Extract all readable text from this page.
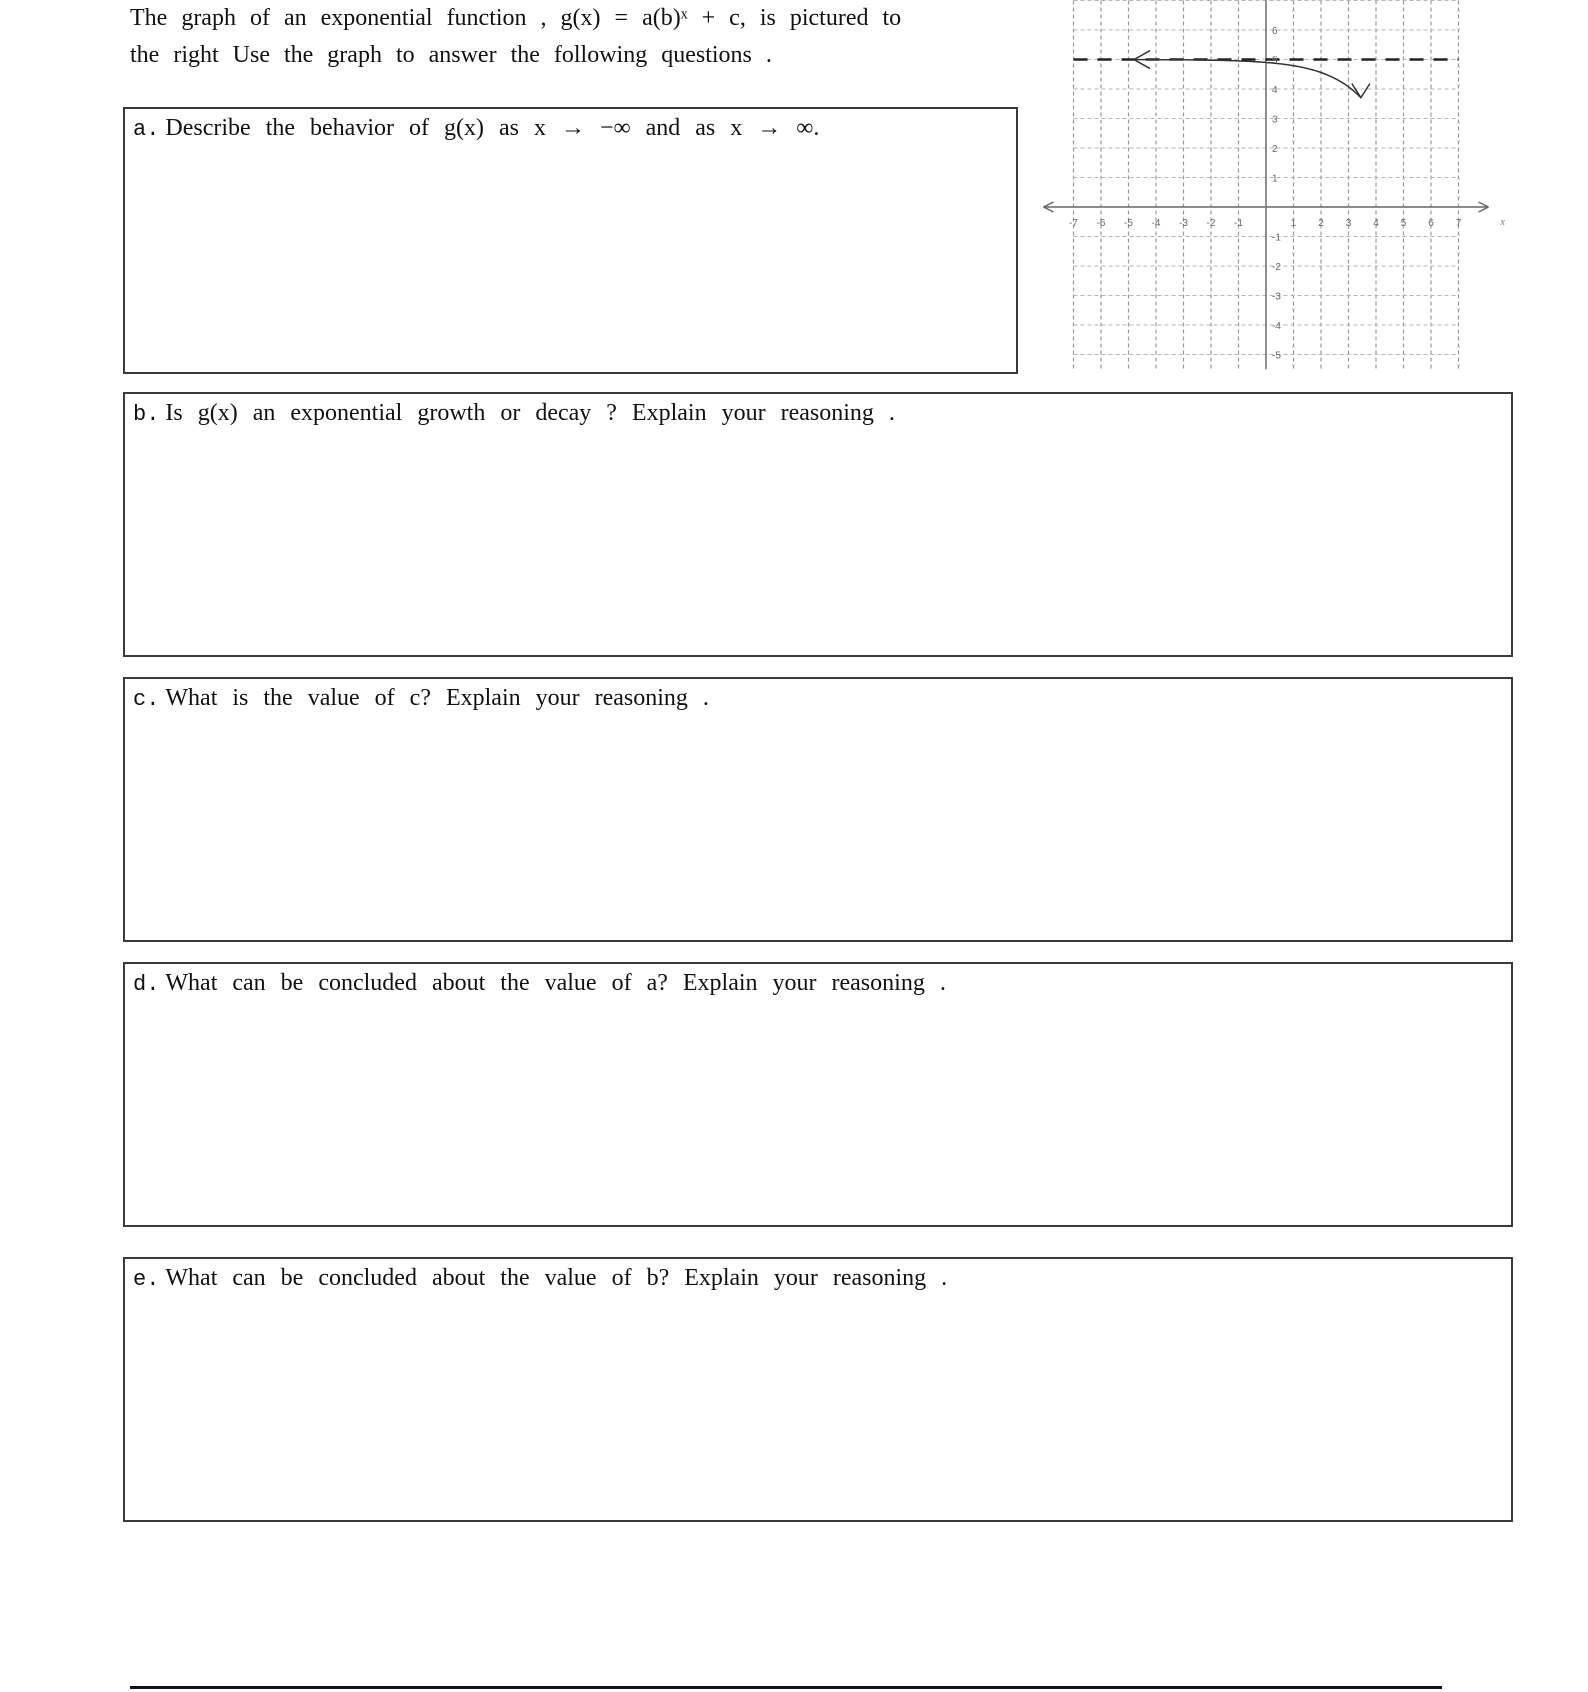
The graph of an exponential function , g(x) = a(b)ˣ + c, is pictured to
the right Use the graph to answer the following questions .
a. Describe the behavior of g(x) as x → −∞ and as x → ∞.
b. Is g(x) an exponential growth or decay ? Explain your reasoning .
c. What is the value of c? Explain your reasoning .
d. What can be concluded about the value of a? Explain your reasoning .
e. What can be concluded about the value of b? Explain your reasoning .
-7 -6 -5 -4 -3 -2 -1	1 2 3 4 5 6 7
6
5
4
3
2
1
-1
-2
-3
-4
-5
x
